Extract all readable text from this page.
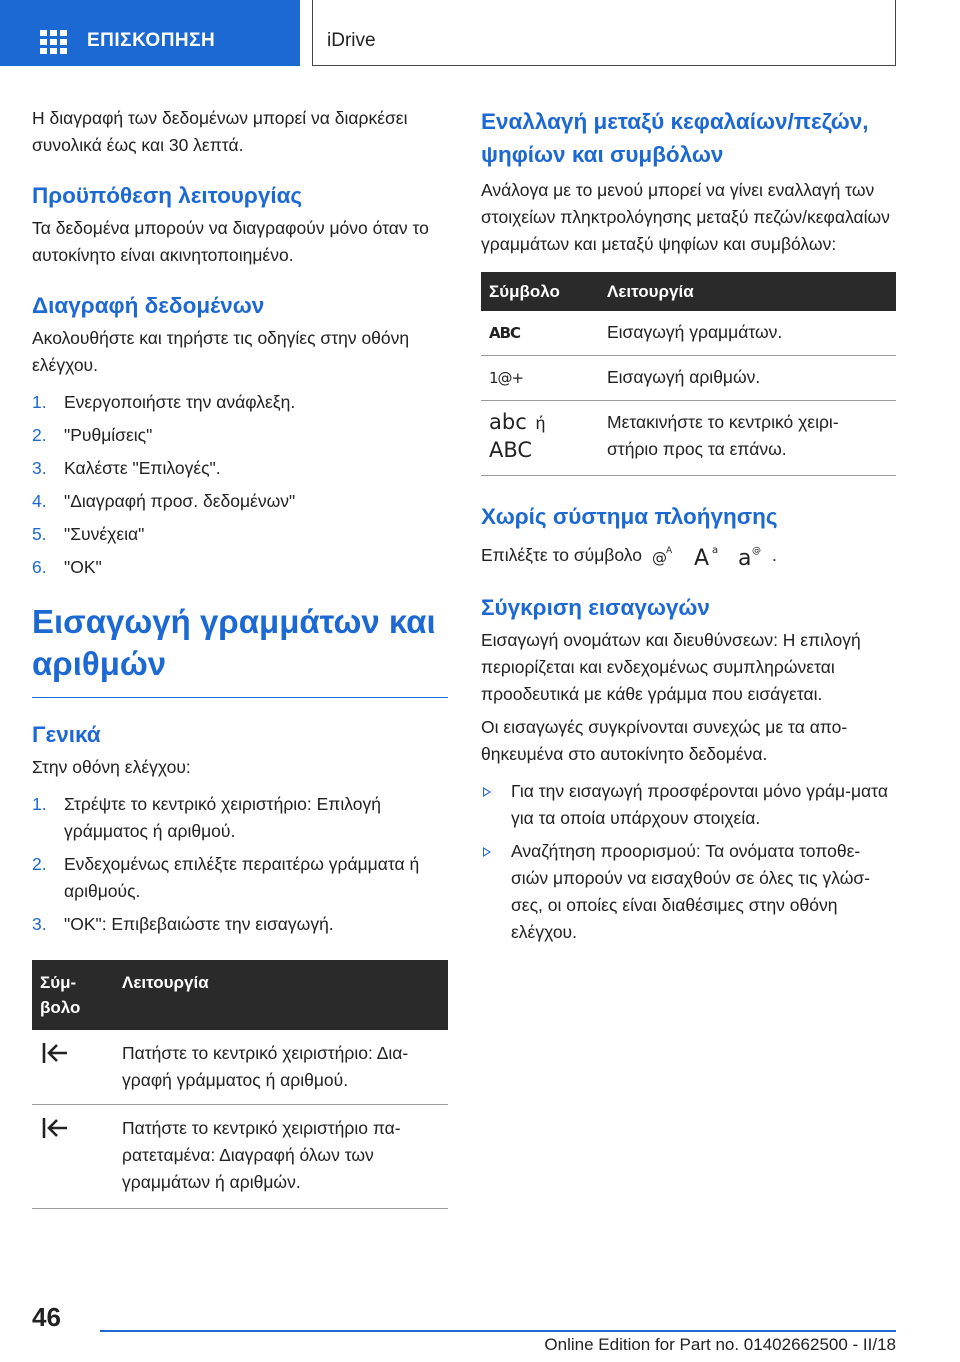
ΕΠΙΣΚΟΠΗΣΗ	iDrive

Η διαγραφή των δεδομένων μπορεί να διαρκέσει συνολικά έως και 30 λεπτά.

Προϋπόθεση λειτουργίας

Τα δεδομένα μπορούν να διαγραφούν μόνο όταν το αυτοκίνητο είναι ακινητοποιημένο.

Διαγραφή δεδομένων

Ακολουθήστε και τηρήστε τις οδηγίες στην οθόνη ελέγχου.

1. Ενεργοποιήστε την ανάφλεξη.
2. "Ρυθμίσεις"
3. Καλέστε "Επιλογές".
4. "Διαγραφή προσ. δεδομένων"
5. "Συνέχεια"
6. "OK"

Εισαγωγή γραμμάτων και αριθμών

Γενικά

Στην οθόνη ελέγχου:

1. Στρέψτε το κεντρικό χειριστήριο: Επιλογή γράμματος ή αριθμού.
2. Ενδεχομένως επιλέξτε περαιτέρω γράμματα ή αριθμούς.
3. "OK": Επιβεβαιώστε την εισαγωγή.
Σύμ-βολο	Λειτουργία
	Πατήστε το κεντρικό χειριστήριο: Δια-γραφή γράμματος ή αριθμού.
	Πατήστε το κεντρικό χειριστήριο πα-ρατεταμένα: Διαγραφή όλων των γραμμάτων ή αριθμών.

Εναλλαγή μεταξύ κεφαλαίων/πεζών, ψηφίων και συμβόλων

Ανάλογα με το μενού μπορεί να γίνει εναλλαγή των στοιχείων πληκτρολόγησης μεταξύ πεζών/κεφαλαίων γραμμάτων και μεταξύ ψηφίων και συμβόλων:

Σύμβολο	Λειτουργία
ABC	Εισαγωγή γραμμάτων.
1@+	Εισαγωγή αριθμών.

abc ή
ABC	Μετακινήστε το κεντρικό χειρι-στήριο προς τα επάνω.

Χωρίς σύστημα πλοήγησης

Επιλέξτε το σύμβολο @ A A a a @ .

Σύγκριση εισαγωγών

Εισαγωγή ονομάτων και διευθύνσεων: Η επιλογή περιορίζεται και ενδεχομένως συμπληρώνεται προοδευτικά με κάθε γράμμα που εισάγεται.

Οι εισαγωγές συγκρίνονται συνεχώς με τα απο-θηκευμένα στο αυτοκίνητο δεδομένα.

Για την εισαγωγή προσφέρονται μόνο γράμ-ματα για τα οποία υπάρχουν στοιχεία.
Αναζήτηση προορισμού: Τα ονόματα τοποθε-σιών μπορούν να εισαχθούν σε όλες τις γλώσ-σες, οι οποίες είναι διαθέσιμες στην οθόνη ελέγχου.
46
Online Edition for Part no. 01402662500 - II/18
